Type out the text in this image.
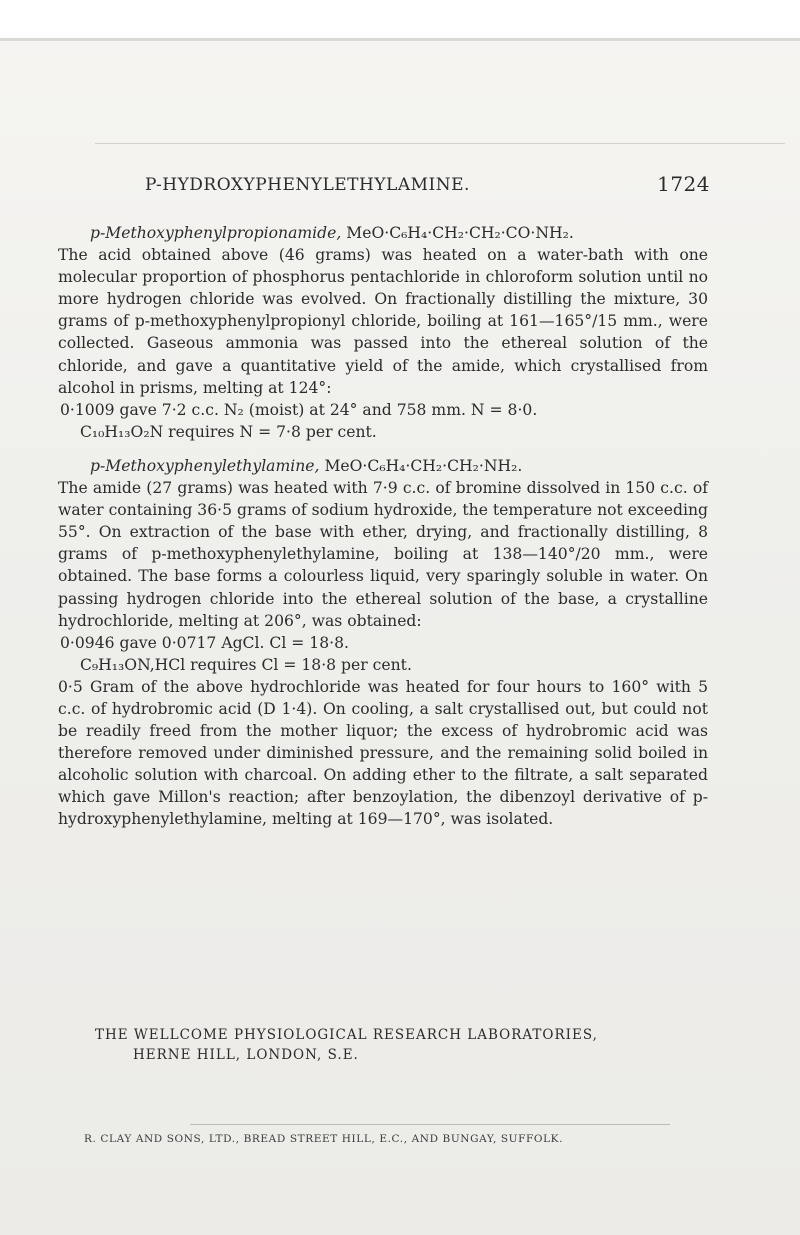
P-HYDROXYPHENYLETHYLAMINE.	1724

p-Methoxyphenylpropionamide, MeO·C₆H₄·CH₂·CH₂·CO·NH₂.

The acid obtained above (46 grams) was heated on a water-bath with one molecular proportion of phosphorus pentachloride in chloroform solution until no more hydrogen chloride was evolved. On fractionally distilling the mixture, 30 grams of p-methoxyphenylpropionyl chloride, boiling at 161—165°/15 mm., were collected. Gaseous ammonia was passed into the ethereal solution of the chloride, and gave a quantitative yield of the amide, which crystallised from alcohol in prisms, melting at 124°:

0·1009 gave 7·2 c.c. N₂ (moist) at 24° and 758 mm. N = 8·0.

C₁₀H₁₃O₂N requires N = 7·8 per cent.

p-Methoxyphenylethylamine, MeO·C₆H₄·CH₂·CH₂·NH₂.

The amide (27 grams) was heated with 7·9 c.c. of bromine dissolved in 150 c.c. of water containing 36·5 grams of sodium hydroxide, the temperature not exceeding 55°. On extraction of the base with ether, drying, and fractionally distilling, 8 grams of p-methoxyphenylethylamine, boiling at 138—140°/20 mm., were obtained. The base forms a colourless liquid, very sparingly soluble in water. On passing hydrogen chloride into the ethereal solution of the base, a crystalline hydrochloride, melting at 206°, was obtained:

0·0946 gave 0·0717 AgCl. Cl = 18·8.

C₉H₁₃ON,HCl requires Cl = 18·8 per cent.

0·5 Gram of the above hydrochloride was heated for four hours to 160° with 5 c.c. of hydrobromic acid (D 1·4). On cooling, a salt crystallised out, but could not be readily freed from the mother liquor; the excess of hydrobromic acid was therefore removed under diminished pressure, and the remaining solid boiled in alcoholic solution with charcoal. On adding ether to the filtrate, a salt separated which gave Millon's reaction; after benzoylation, the dibenzoyl derivative of p-hydroxyphenylethylamine, melting at 169—170°, was isolated.

THE WELLCOME PHYSIOLOGICAL RESEARCH LABORATORIES,
HERNE HILL, LONDON, S.E.
R. CLAY AND SONS, LTD., BREAD STREET HILL, E.C., AND BUNGAY, SUFFOLK.
